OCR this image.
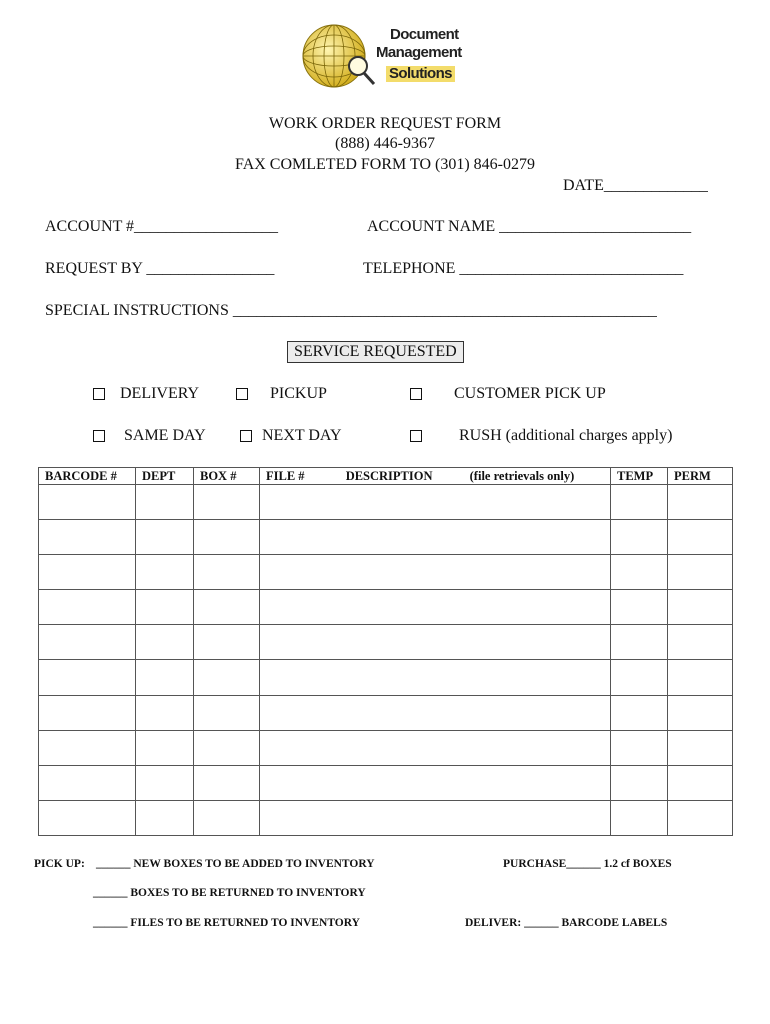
Document
Management
Solutions
WORK ORDER REQUEST FORM
(888) 446-9367
FAX COMLETED FORM TO (301) 846-0279
DATE_____________
ACCOUNT #__________________	ACCOUNT NAME ________________________
REQUEST BY ________________	TELEPHONE ____________________________
SPECIAL INSTRUCTIONS _____________________________________________________
SERVICE REQUESTED
DELIVERY	PICKUP	CUSTOMER PICK UP
SAME DAY	NEXT DAY	RUSH (additional charges apply)
BARCODE #	DEPT	BOX #	FILE # DESCRIPTION (file retrievals only)	TEMP	PERM

PICK UP: ______ NEW BOXES TO BE ADDED TO INVENTORY	PURCHASE______ 1.2 cf BOXES
______ BOXES TO BE RETURNED TO INVENTORY
______ FILES TO BE RETURNED TO INVENTORY	DELIVER: ______ BARCODE LABELS
